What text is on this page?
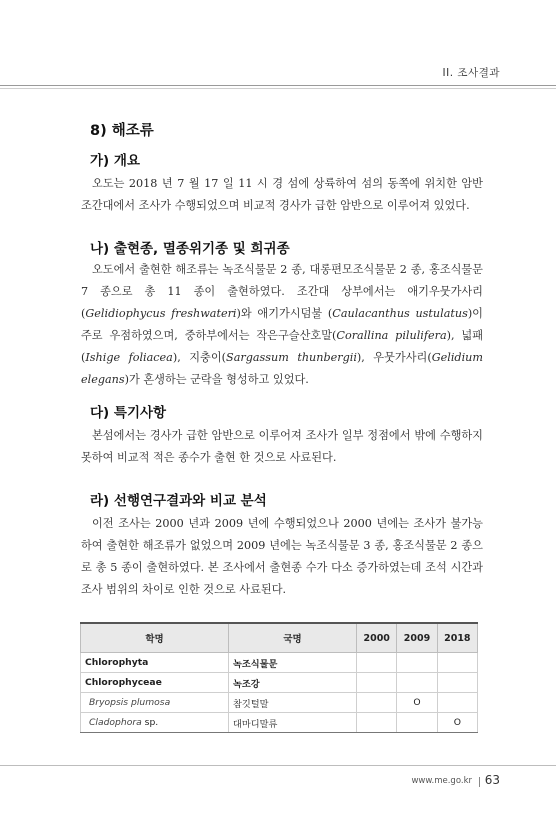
II. 조사결과
8) 해조류
가) 개요

오도는 2018 년 7 월 17 일 11 시 경 섬에 상륙하여 섬의 동쪽에 위치한 암반 조간대에서 조사가 수행되었으며 비교적 경사가 급한 암반으로 이루어져 있었다.

나) 출현종, 멸종위기종 및 희귀종

오도에서 출현한 해조류는 녹조식물문 2 종, 대롱편모조식물문 2 종, 홍조식물문 7 종으로 총 11 종이 출현하였다. 조간대 상부에서는 애기우뭇가사리(Gelidiophycus freshwateri)와 애기가시덤불 (Caulacanthus ustulatus)이 주로 우점하였으며, 중하부에서는 작은구슬산호말(Corallina pilulifera), 넓패(Ishige foliacea), 지충이(Sargassum thunbergii), 우뭇가사리(Gelidium elegans)가 혼생하는 군락을 형성하고 있었다.

다) 특기사항

본섬에서는 경사가 급한 암반으로 이루어져 조사가 일부 정점에서 밖에 수행하지 못하여 비교적 적은 종수가 출현 한 것으로 사료된다.

라) 선행연구결과와 비교 분석

이전 조사는 2000 년과 2009 년에 수행되었으나 2000 년에는 조사가 불가능 하여 출현한 해조류가 없었으며 2009 년에는 녹조식물문 3 종, 홍조식물문 2 종으로 총 5 종이 출현하였다. 본 조사에서 출현종 수가 다소 증가하였는데 조석 시간과 조사 범위의 차이로 인한 것으로 사료된다.

학명	국명	2000	2009	2018
Chlorophyta	녹조식물문			
Chlorophyceae	녹조강			
Bryopsis plumosa	참깃털말		O	
Cladophora sp.	대마디말류			O
www.me.go.kr 63
